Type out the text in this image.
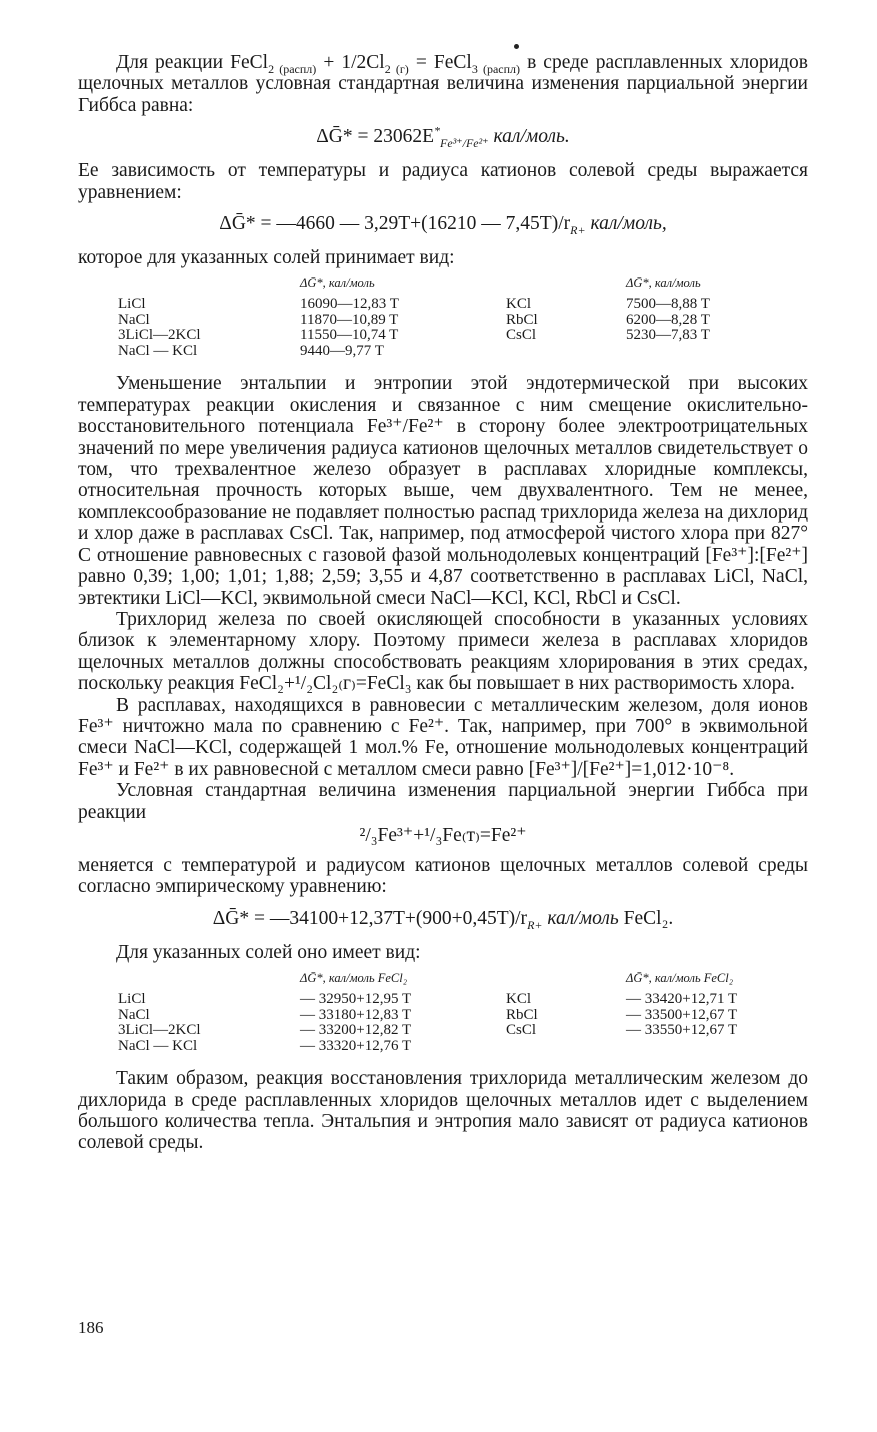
Для реакции FeCl$_{2 (распл)}$ + $1/2Cl_{2 (г)}$ = FeCl$_{3 (распл)}$ в среде расплавленных хлоридов щелочных металлов условная стандартная величина изменения парциальной энергии Гиббса равна:

ΔḠ* = $23062E^*_{Fe^{3+}/Fe^{2+}}$ кал/моль.

Ее зависимость от температуры и радиуса катионов солевой среды выражается уравнением:

ΔḠ* = —4660 — 3,29T+(16210 — $7,45T)/r_{R+}$ кал/моль,

которое для указанных солей принимает вид:

	ΔḠ*, кал/моль		ΔḠ*, кал/моль
LiCl	16090—12,83 T	KCl	7500—8,88 T
NaCl	11870—10,89 T	RbCl	6200—8,28 T
3LiCl—2KCl	11550—10,74 T	CsCl	5230—7,83 T
NaCl — KCl	9440—9,77 T		

Уменьшение энтальпии и энтропии этой эндотермической при высоких температурах реакции окисления и связанное с ним смещение окислительно-восстановительного потенциала Fe³⁺/Fe²⁺ в сторону более электроотрицательных значений по мере увеличения радиуса катионов щелочных металлов свидетельствует о том, что трехвалентное железо образует в расплавах хлоридные комплексы, относительная прочность которых выше, чем двухвалентного. Тем не менее, комплексообразование не подавляет полностью распад трихлорида железа на дихлорид и хлор даже в расплавах CsCl. Так, например, под атмосферой чистого хлора при 827° С отношение равновесных с газовой фазой мольнодолевых концентраций [Fe³⁺]:[Fe²⁺] равно 0,39; 1,00; 1,01; 1,88; 2,59; 3,55 и 4,87 соответственно в расплавах LiCl, NaCl, эвтектики LiCl—KCl, эквимольной смеси NaCl—KCl, KCl, RbCl и CsCl.

Трихлорид железа по своей окисляющей способности в указанных условиях близок к элементарному хлору. Поэтому примеси железа в расплавах хлоридов щелочных металлов должны способствовать реакциям хлорирования в этих средах, поскольку реакция FeCl₂+¹/₂Cl₂₍г₎=FeCl₃ как бы повышает в них растворимость хлора.

В расплавах, находящихся в равновесии с металлическим железом, доля ионов Fe³⁺ ничтожно мала по сравнению с Fe²⁺. Так, например, при 700° в эквимольной смеси NaCl—KCl, содержащей 1 мол.% Fe, отношение мольнодолевых концентраций Fe³⁺ и Fe²⁺ в их равновесной с металлом смеси равно [Fe³⁺]/[Fe²⁺]=1,012·10⁻⁸.

Условная стандартная величина изменения парциальной энергии Гиббса при реакции

²/₃Fe³⁺+¹/₃Fe₍т₎=Fe²⁺

меняется с температурой и радиусом катионов щелочных металлов солевой среды согласно эмпирическому уравнению:

ΔḠ* = $—34100+12,37T+(900+0,45T)/r_{R+}$ кал/моль FeCl₂.

Для указанных солей оно имеет вид:

	ΔḠ*, кал/моль FeCl₂		ΔḠ*, кал/моль FeCl₂
LiCl	— 32950+12,95 T	KCl	— 33420+12,71 T
NaCl	— 33180+12,83 T	RbCl	— 33500+12,67 T
3LiCl—2KCl	— 33200+12,82 T	CsCl	— 33550+12,67 T
NaCl — KCl	— 33320+12,76 T		

Таким образом, реакция восстановления трихлорида металлическим железом до дихлорида в среде расплавленных хлоридов щелочных металлов идет с выделением большого количества тепла. Энтальпия и энтропия мало зависят от радиуса катионов солевой среды.

186
